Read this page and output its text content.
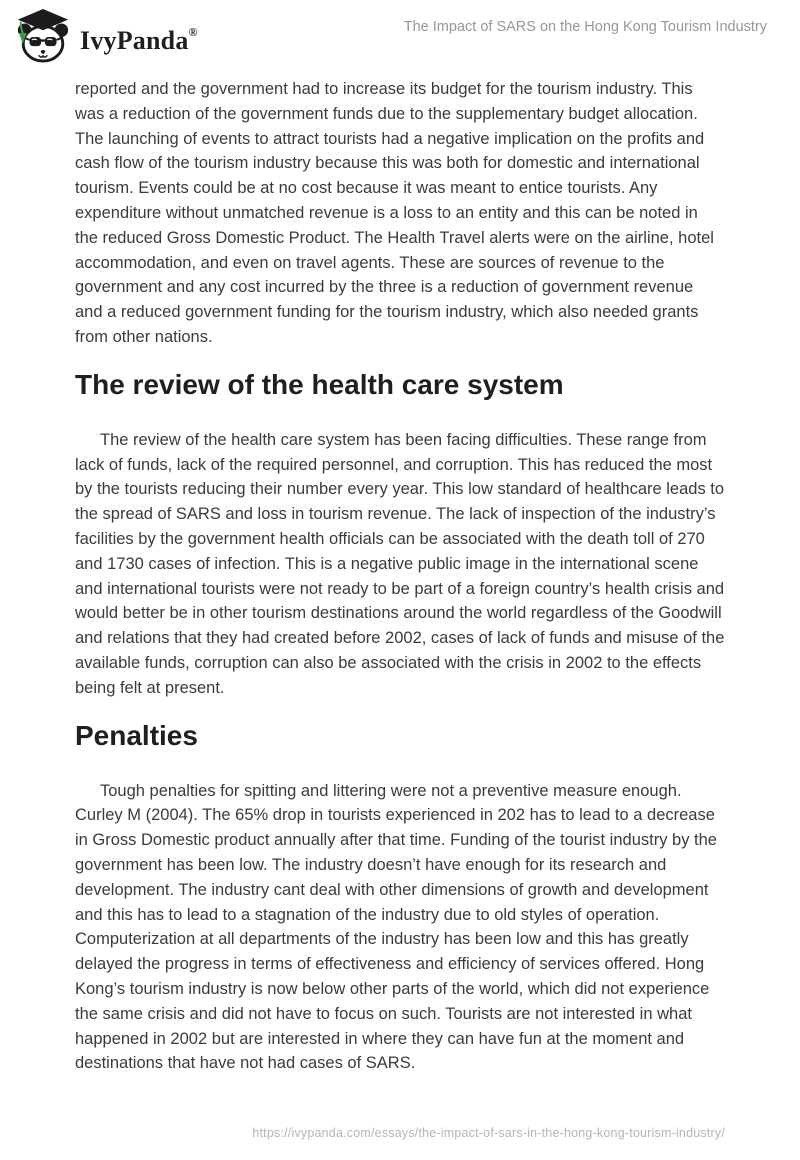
IvyPanda®	The Impact of SARS on the Hong Kong Tourism Industry

reported and the government had to increase its budget for the tourism industry. This was a reduction of the government funds due to the supplementary budget allocation. The launching of events to attract tourists had a negative implication on the profits and cash flow of the tourism industry because this was both for domestic and international tourism. Events could be at no cost because it was meant to entice tourists. Any expenditure without unmatched revenue is a loss to an entity and this can be noted in the reduced Gross Domestic Product. The Health Travel alerts were on the airline, hotel accommodation, and even on travel agents. These are sources of revenue to the government and any cost incurred by the three is a reduction of government revenue and a reduced government funding for the tourism industry, which also needed grants from other nations.

The review of the health care system

The review of the health care system has been facing difficulties. These range from lack of funds, lack of the required personnel, and corruption. This has reduced the most by the tourists reducing their number every year. This low standard of healthcare leads to the spread of SARS and loss in tourism revenue. The lack of inspection of the industry’s facilities by the government health officials can be associated with the death toll of 270 and 1730 cases of infection. This is a negative public image in the international scene and international tourists were not ready to be part of a foreign country’s health crisis and would better be in other tourism destinations around the world regardless of the Goodwill and relations that they had created before 2002, cases of lack of funds and misuse of the available funds, corruption can also be associated with the crisis in 2002 to the effects being felt at present.

Penalties

Tough penalties for spitting and littering were not a preventive measure enough. Curley M (2004). The 65% drop in tourists experienced in 202 has to lead to a decrease in Gross Domestic product annually after that time. Funding of the tourist industry by the government has been low. The industry doesn’t have enough for its research and development. The industry cant deal with other dimensions of growth and development and this has to lead to a stagnation of the industry due to old styles of operation. Computerization at all departments of the industry has been low and this has greatly delayed the progress in terms of effectiveness and efficiency of services offered. Hong Kong’s tourism industry is now below other parts of the world, which did not experience the same crisis and did not have to focus on such. Tourists are not interested in what happened in 2002 but are interested in where they can have fun at the moment and destinations that have not had cases of SARS.

https://ivypanda.com/essays/the-impact-of-sars-in-the-hong-kong-tourism-industry/
